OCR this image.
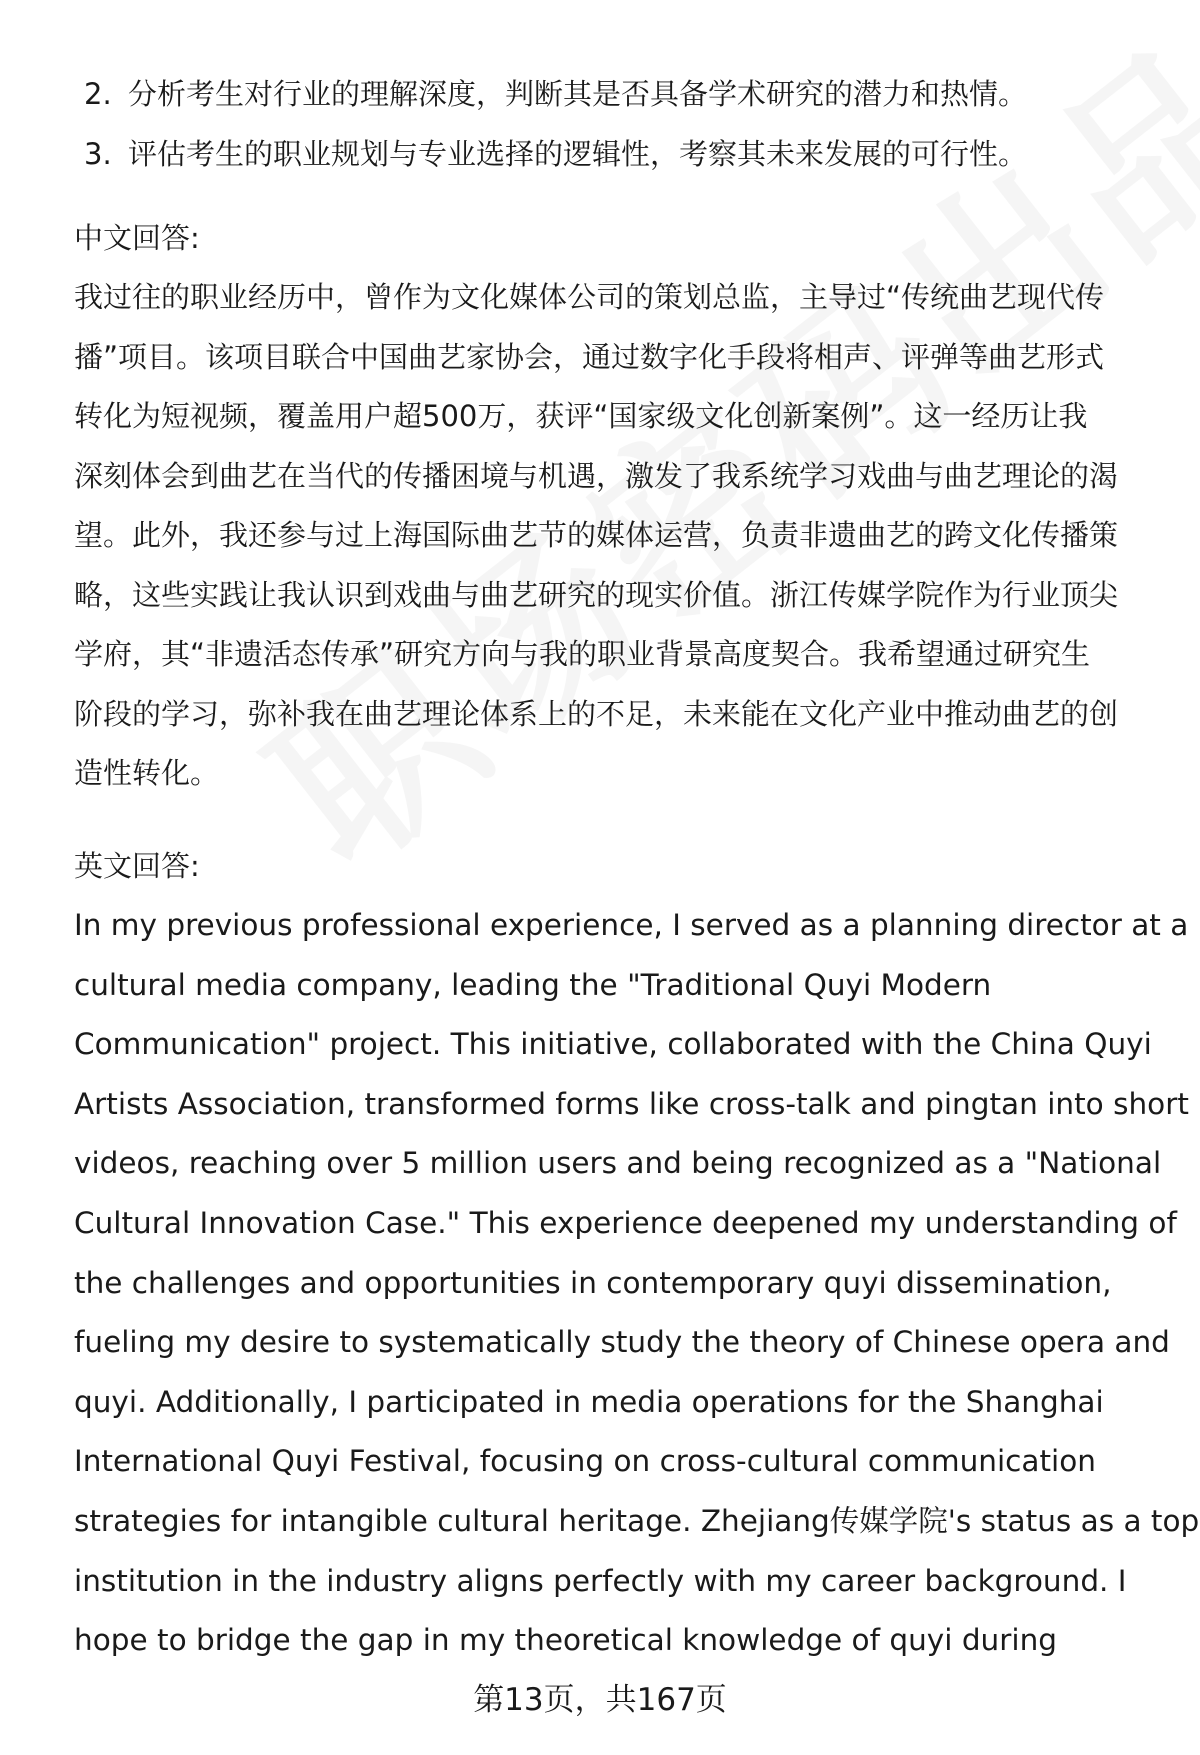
2. 分析考生对行业的理解深度，判断其是否具备学术研究的潜力和热情。
3. 评估考生的职业规划与专业选择的逻辑性，考察其未来发展的可行性。
中文回答:
我过往的职业经历中，曾作为文化媒体公司的策划总监，主导过“传统曲艺现代传
播”项目。该项目联合中国曲艺家协会，通过数字化手段将相声、评弹等曲艺形式
转化为短视频，覆盖用户超500万，获评“国家级文化创新案例”。这一经历让我
深刻体会到曲艺在当代的传播困境与机遇，激发了我系统学习戏曲与曲艺理论的渴
望。此外，我还参与过上海国际曲艺节的媒体运营，负责非遗曲艺的跨文化传播策
略，这些实践让我认识到戏曲与曲艺研究的现实价值。浙江传媒学院作为行业顶尖
学府，其“非遗活态传承”研究方向与我的职业背景高度契合。我希望通过研究生
阶段的学习，弥补我在曲艺理论体系上的不足，未来能在文化产业中推动曲艺的创
造性转化。
英文回答:
In my previous professional experience, I served as a planning director at a
cultural media company, leading the "Traditional Quyi Modern
Communication" project. This initiative, collaborated with the China Quyi
Artists Association, transformed forms like cross-talk and pingtan into short
videos, reaching over 5 million users and being recognized as a "National
Cultural Innovation Case." This experience deepened my understanding of
the challenges and opportunities in contemporary quyi dissemination,
fueling my desire to systematically study the theory of Chinese opera and
quyi. Additionally, I participated in media operations for the Shanghai
International Quyi Festival, focusing on cross-cultural communication
strategies for intangible cultural heritage. Zhejiang传媒学院's status as a top
institution in the industry aligns perfectly with my career background. I
hope to bridge the gap in my theoretical knowledge of quyi during
第13页，共167页
